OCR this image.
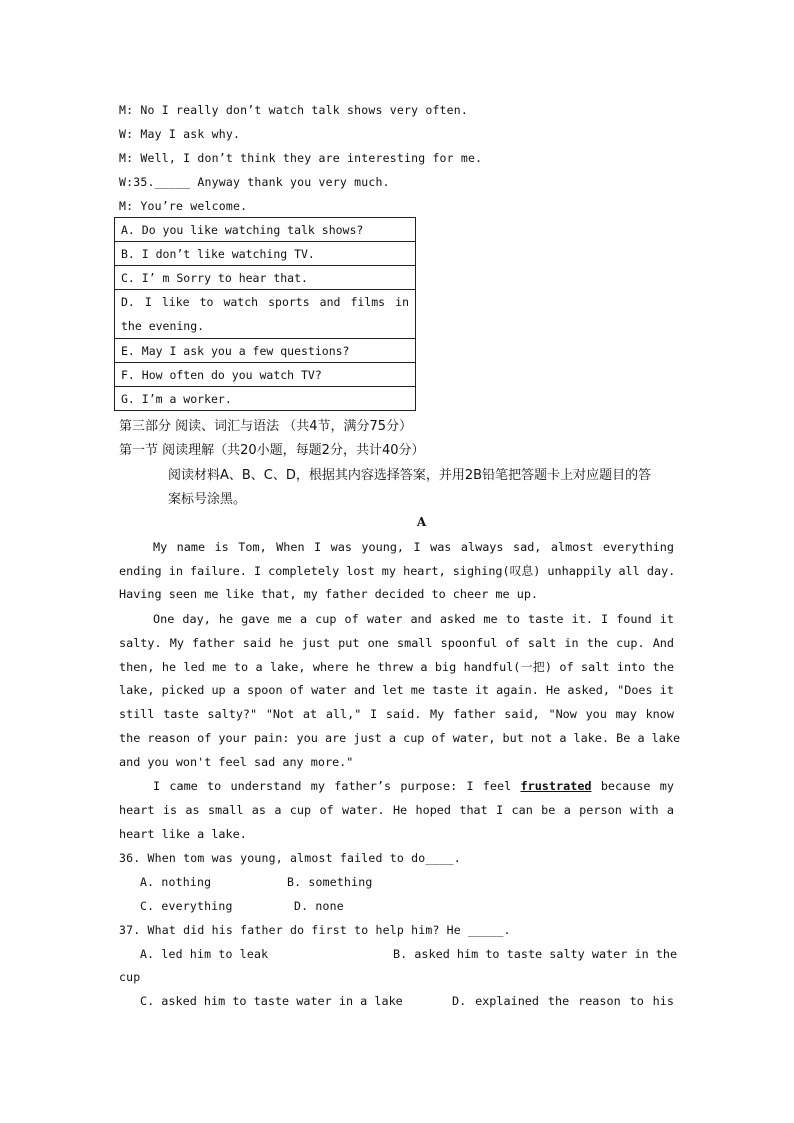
M: No I really don’t watch talk shows very often.
W: May I ask why.
M: Well, I don’t think they are interesting for me.
W:35._____ Anyway thank you very much.
M: You’re welcome.
A. Do you like watching talk shows?
B. I don’t like watching TV.
C. I’ m Sorry to hear that.
D. I like to watch sports and films in the evening.
E. May I ask you a few questions?
F. How often do you watch TV?
G. I’m a worker.
第三部分 阅读、词汇与语法 （共4节，满分75分）
第一节 阅读理解（共20小题，每题2分，共计40分）
阅读材料A、B、C、D，根据其内容选择答案，并用2B铅笔把答题卡上对应题目的答
案标号涂黑。
A
My name is Tom, When I was young, I was always sad, almost everything
ending in failure. I completely lost my heart, sighing(叹息) unhappily all day.
Having seen me like that, my father decided to cheer me up.
One day, he gave me a cup of water and asked me to taste it. I found it
salty. My father said he just put one small spoonful of salt in the cup. And
then, he led me to a lake, where he threw a big handful(一把) of salt into the
lake, picked up a spoon of water and let me taste it again. He asked, "Does it
still taste salty?" "Not at all," I said. My father said, "Now you may know
the reason of your pain: you are just a cup of water, but not a lake. Be a lake
and you won't feel sad any more."
I came to understand my father’s purpose: I feel frustrated because my
heart is as small as a cup of water. He hoped that I can be a person with a
heart like a lake.
36. When tom was young, almost failed to do____.
A. nothing	B. something
C. everything	D. none
37. What did his father do first to help him? He _____.
A. led him to leak	B. asked him to taste salty water in the
cup
C. asked him to taste water in a lake	D. explained the reason to his
